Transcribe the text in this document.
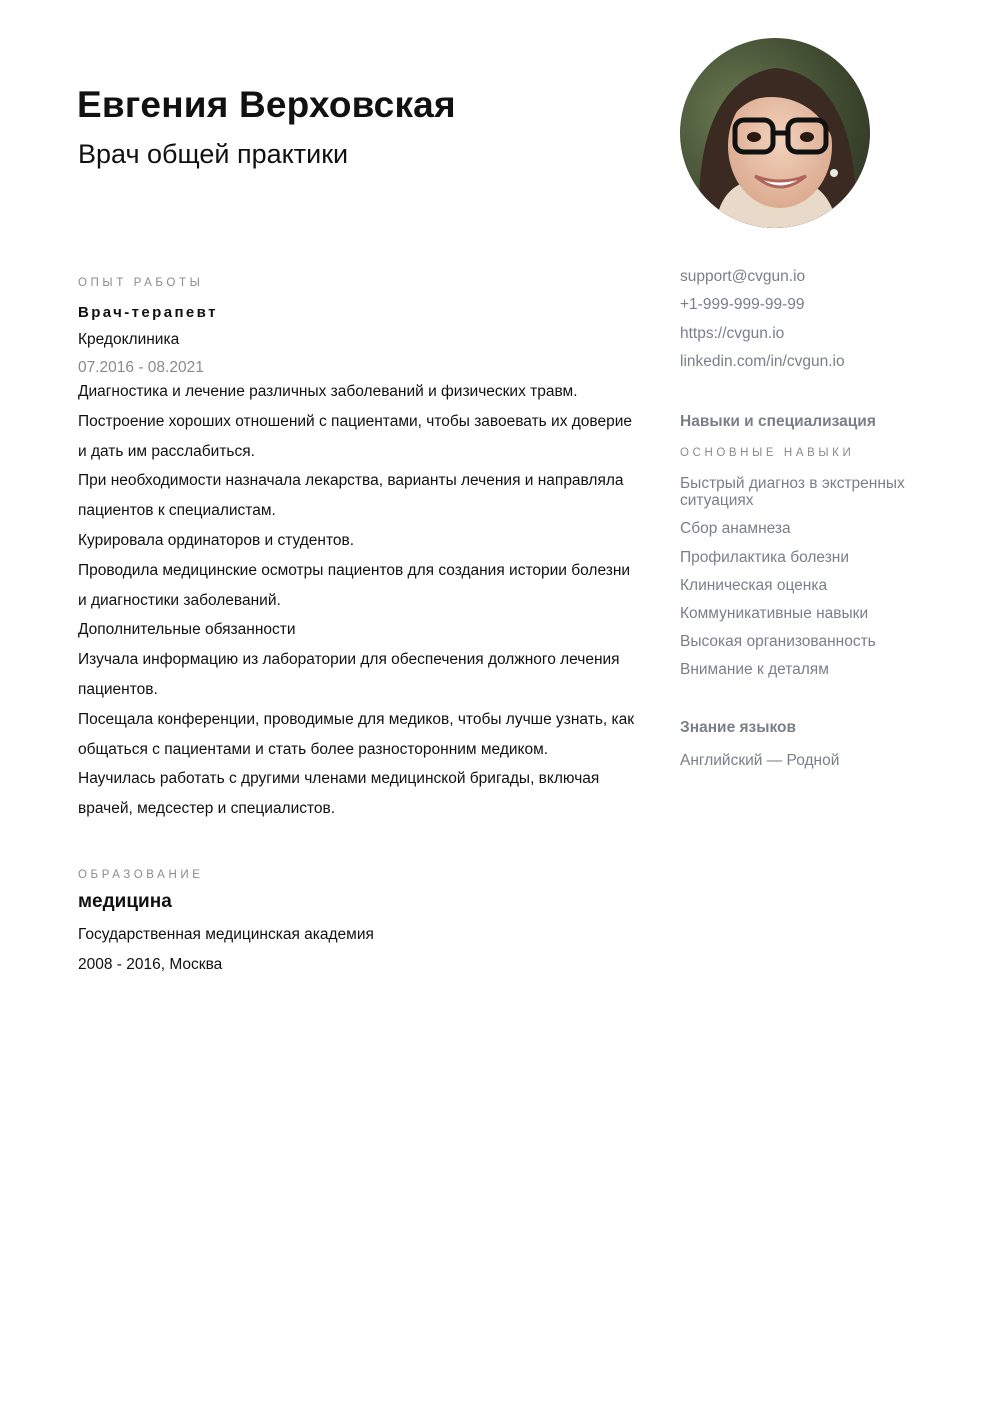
Евгения Верховская
Врач общей практики
ОПЫТ РАБОТЫ
Врач-терапевт
Кредоклиника
07.2016 - 08.2021
Диагностика и лечение различных заболеваний и физических травм.
Построение хороших отношений с пациентами, чтобы завоевать их доверие
и дать им расслабиться.
При необходимости назначала лекарства, варианты лечения и направляла
пациентов к специалистам.
Курировала ординаторов и студентов.
Проводила медицинские осмотры пациентов для создания истории болезни
и диагностики заболеваний.
Дополнительные обязанности
Изучала информацию из лаборатории для обеспечения должного лечения
пациентов.
Посещала конференции, проводимые для медиков, чтобы лучше узнать, как
общаться с пациентами и стать более разносторонним медиком.
Научилась работать с другими членами медицинской бригады, включая
врачей, медсестер и специалистов.
ОБРАЗОВАНИЕ
медицина
Государственная медицинская академия
2008 - 2016, Москва
support@cvgun.io
+1-999-999-99-99
https://cvgun.io
linkedin.com/in/cvgun.io
Навыки и специализация
ОСНОВНЫЕ НАВЫКИ
Быстрый диагноз в экстренных ситуациях
Сбор анамнеза
Профилактика болезни
Клиническая оценка
Коммуникативные навыки
Высокая организованность
Внимание к деталям
Знание языков
Английский — Родной
